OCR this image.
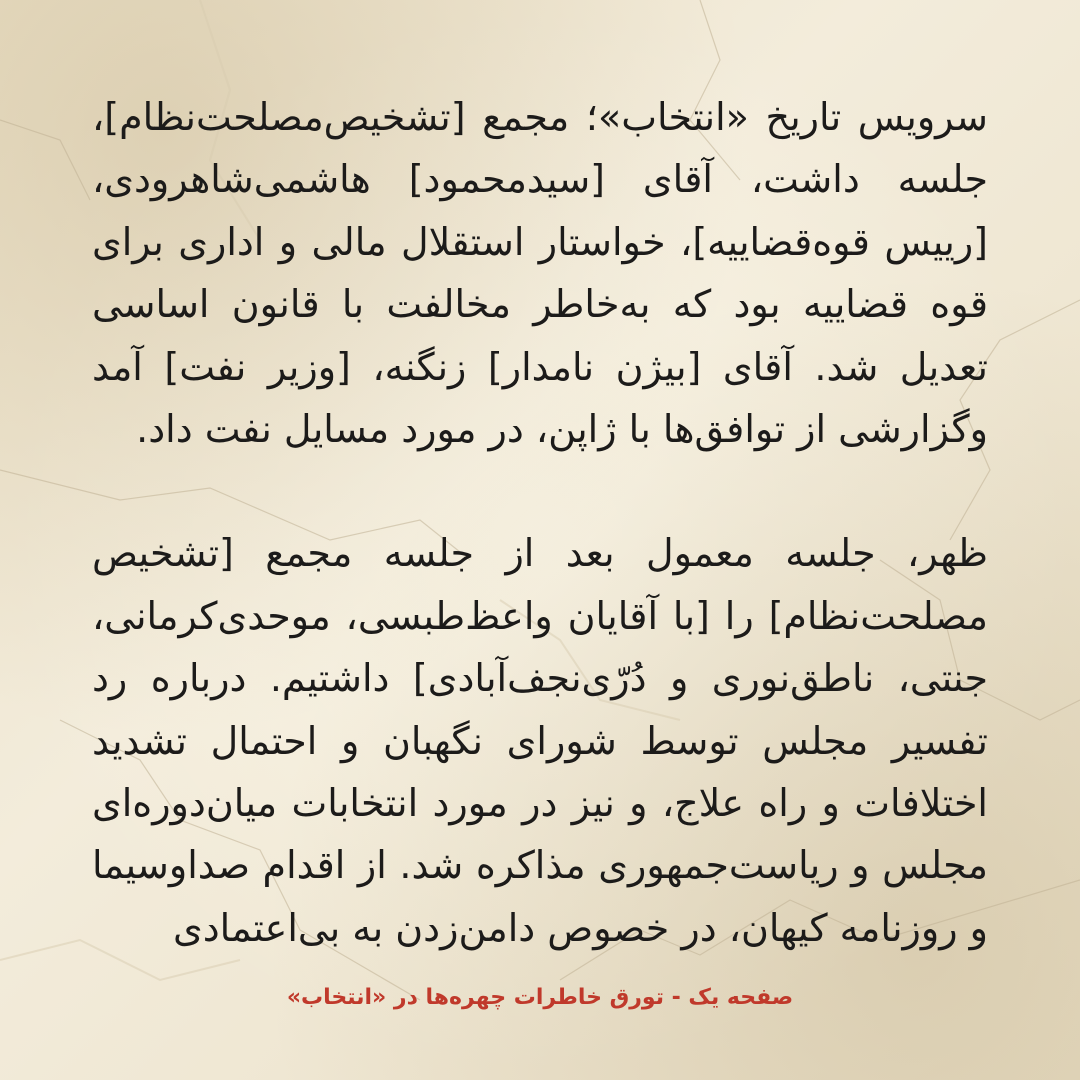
سرویس تاریخ «انتخاب»؛ مجمع [تشخیص‌مصلحت‌نظام]، جلسه داشت، آقای [سیدمحمود] هاشمی‌شاهرودی، [رییس قوه‌قضاییه]، خواستار استقلال مالی و اداری برای قوه قضاییه بود که به‌خاطر مخالفت با قانون اساسی تعدیل شد. آقای [بیژن نامدار] زنگنه، [وزیر نفت] آمد وگزارشی از توافق‌ها با ژاپن، در مورد مسایل نفت داد.

ظهر، جلسه معمول بعد از جلسه مجمع [تشخیص مصلحت‌نظام] را [با آقایان واعظ‌طبسی، موحدی‌کرمانی، جنتی، ناطق‌نوری و دُرّی‌نجف‌آبادی] داشتیم. درباره رد تفسیر مجلس توسط شورای نگهبان و احتمال تشدید اختلافات و راه علاج، و نیز در مورد انتخابات میان‌دوره‌ای مجلس و ریاست‌جمهوری مذاکره شد. از اقدام صداوسیما و روزنامه کیهان، در خصوص دامن‌زدن به بی‌اعتمادی

صفحه یک - تورق خاطرات چهره‌ها در «انتخاب»
